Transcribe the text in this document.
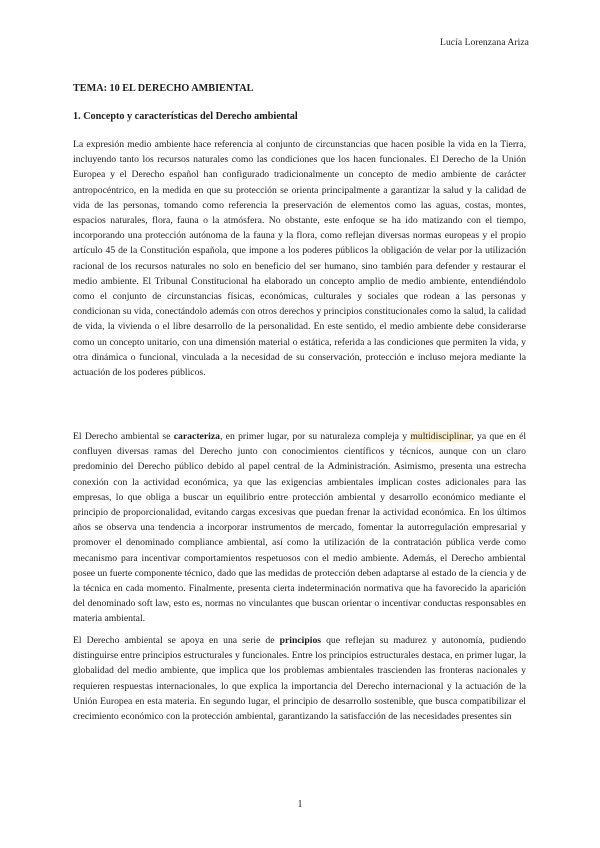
Lucía Lorenzana Ariza
TEMA: 10 EL DERECHO AMBIENTAL
1. Concepto y características del Derecho ambiental

La expresión medio ambiente hace referencia al conjunto de circunstancias que hacen posible la vida en la Tierra, incluyendo tanto los recursos naturales como las condiciones que los hacen funcionales. El Derecho de la Unión Europea y el Derecho español han configurado tradicionalmente un concepto de medio ambiente de carácter antropocéntrico, en la medida en que su protección se orienta principalmente a garantizar la salud y la calidad de vida de las personas, tomando como referencia la preservación de elementos como las aguas, costas, montes, espacios naturales, flora, fauna o la atmósfera. No obstante, este enfoque se ha ido matizando con el tiempo, incorporando una protección autónoma de la fauna y la flora, como reflejan diversas normas europeas y el propio artículo 45 de la Constitución española, que impone a los poderes públicos la obligación de velar por la utilización racional de los recursos naturales no solo en beneficio del ser humano, sino también para defender y restaurar el medio ambiente. El Tribunal Constitucional ha elaborado un concepto amplio de medio ambiente, entendiéndolo como el conjunto de circunstancias físicas, económicas, culturales y sociales que rodean a las personas y condicionan su vida, conectándolo además con otros derechos y principios constitucionales como la salud, la calidad de vida, la vivienda o el libre desarrollo de la personalidad. En este sentido, el medio ambiente debe considerarse como un concepto unitario, con una dimensión material o estática, referida a las condiciones que permiten la vida, y otra dinámica o funcional, vinculada a la necesidad de su conservación, protección e incluso mejora mediante la actuación de los poderes públicos.

El Derecho ambiental se caracteriza, en primer lugar, por su naturaleza compleja y multidisciplinar, ya que en él confluyen diversas ramas del Derecho junto con conocimientos científicos y técnicos, aunque con un claro predominio del Derecho público debido al papel central de la Administración. Asimismo, presenta una estrecha conexión con la actividad económica, ya que las exigencias ambientales implican costes adicionales para las empresas, lo que obliga a buscar un equilibrio entre protección ambiental y desarrollo económico mediante el principio de proporcionalidad, evitando cargas excesivas que puedan frenar la actividad económica. En los últimos años se observa una tendencia a incorporar instrumentos de mercado, fomentar la autorregulación empresarial y promover el denominado compliance ambiental, así como la utilización de la contratación pública verde como mecanismo para incentivar comportamientos respetuosos con el medio ambiente. Además, el Derecho ambiental posee un fuerte componente técnico, dado que las medidas de protección deben adaptarse al estado de la ciencia y de la técnica en cada momento. Finalmente, presenta cierta indeterminación normativa que ha favorecido la aparición del denominado soft law, esto es, normas no vinculantes que buscan orientar o incentivar conductas responsables en materia ambiental.

El Derecho ambiental se apoya en una serie de principios que reflejan su madurez y autonomía, pudiendo distinguirse entre principios estructurales y funcionales. Entre los principios estructurales destaca, en primer lugar, la globalidad del medio ambiente, que implica que los problemas ambientales trascienden las fronteras nacionales y requieren respuestas internacionales, lo que explica la importancia del Derecho internacional y la actuación de la Unión Europea en esta materia. En segundo lugar, el principio de desarrollo sostenible, que busca compatibilizar el crecimiento económico con la protección ambiental, garantizando la satisfacción de las necesidades presentes sin

1
